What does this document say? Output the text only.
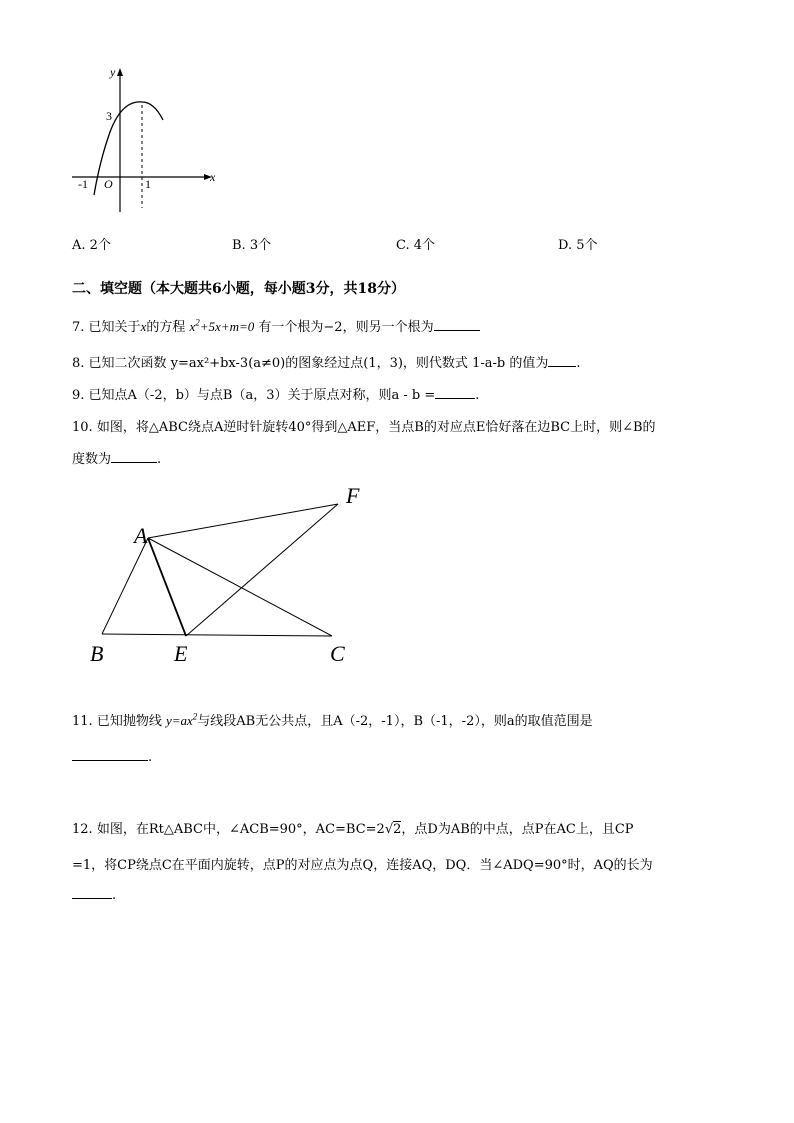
y
x
3
-1 O	1
A. 2个	B. 3个	C. 4个	D. 5个
二、填空题（本大题共6小题，每小题3分，共18分）
7. 已知关于x的方程 $x^2+5x+m=0$ 有一个根为−2，则另一个根为
8. 已知二次函数 y=ax²+bx-3(a≠0)的图象经过点(1，3)，则代数式 1-a-b 的值为 .
9. 已知点A（-2，b）与点B（a，3）关于原点对称，则a - b =	.
10. 如图，将△ABC绕点A逆时针旋转40°得到△AEF，当点B的对应点E恰好落在边BC上时，则∠B的
度数为	.
A
B	E	C
F
11. 已知抛物线 $y=ax^2$与线段AB无公共点，且A（-2，-1），B（-1，-2），则a的取值范围是
.
12. 如图，在Rt△ABC中，∠ACB=90°，AC=BC=2√2，点D为AB的中点，点P在AC上，且CP
=1，将CP绕点C在平面内旋转，点P的对应点为点Q，连接AQ，DQ．当∠ADQ=90°时，AQ的长为
.
